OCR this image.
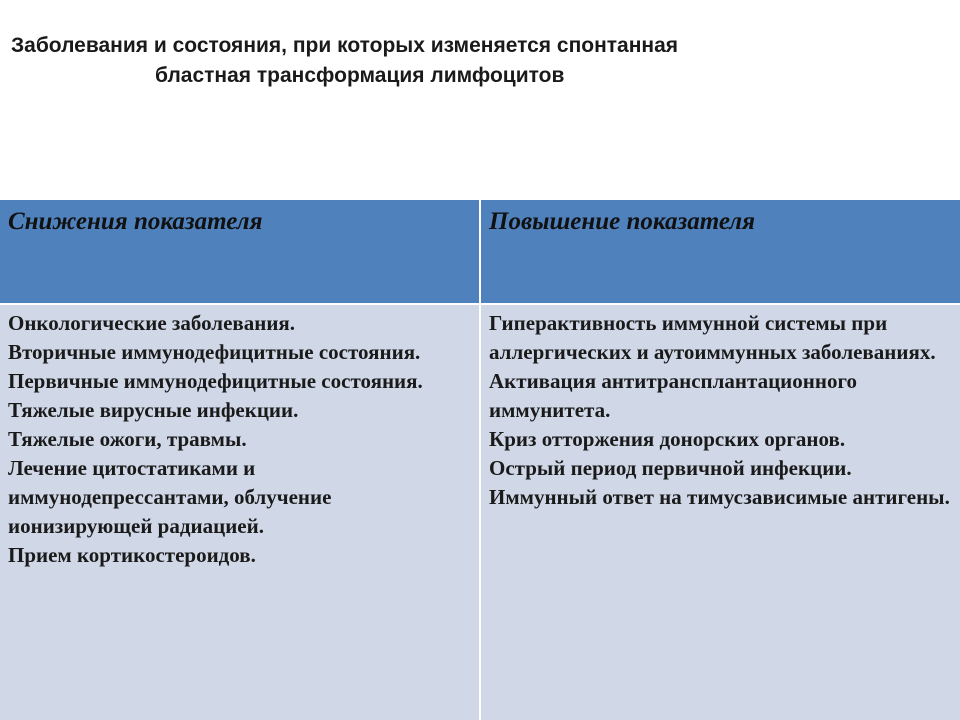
Заболевания и состояния, при которых изменяется спонтанная
бластная трансформация лимфоцитов
Снижения показателя	Повышение показателя
Онкологические заболевания.
Вторичные иммунодефицитные состояния.
Первичные иммунодефицитные состояния.
Тяжелые вирусные инфекции.
Тяжелые ожоги, травмы.
Лечение цитостатиками и иммунодепрессантами, облучение ионизирующей радиацией.
Прием кортикостероидов.
Гиперактивность иммунной системы при аллергических и аутоиммунных заболеваниях.
Активация антитрансплантационного иммунитета.
Криз отторжения донорских органов.
Острый период первичной инфекции.
Иммунный ответ на тимусзависимые антигены.
